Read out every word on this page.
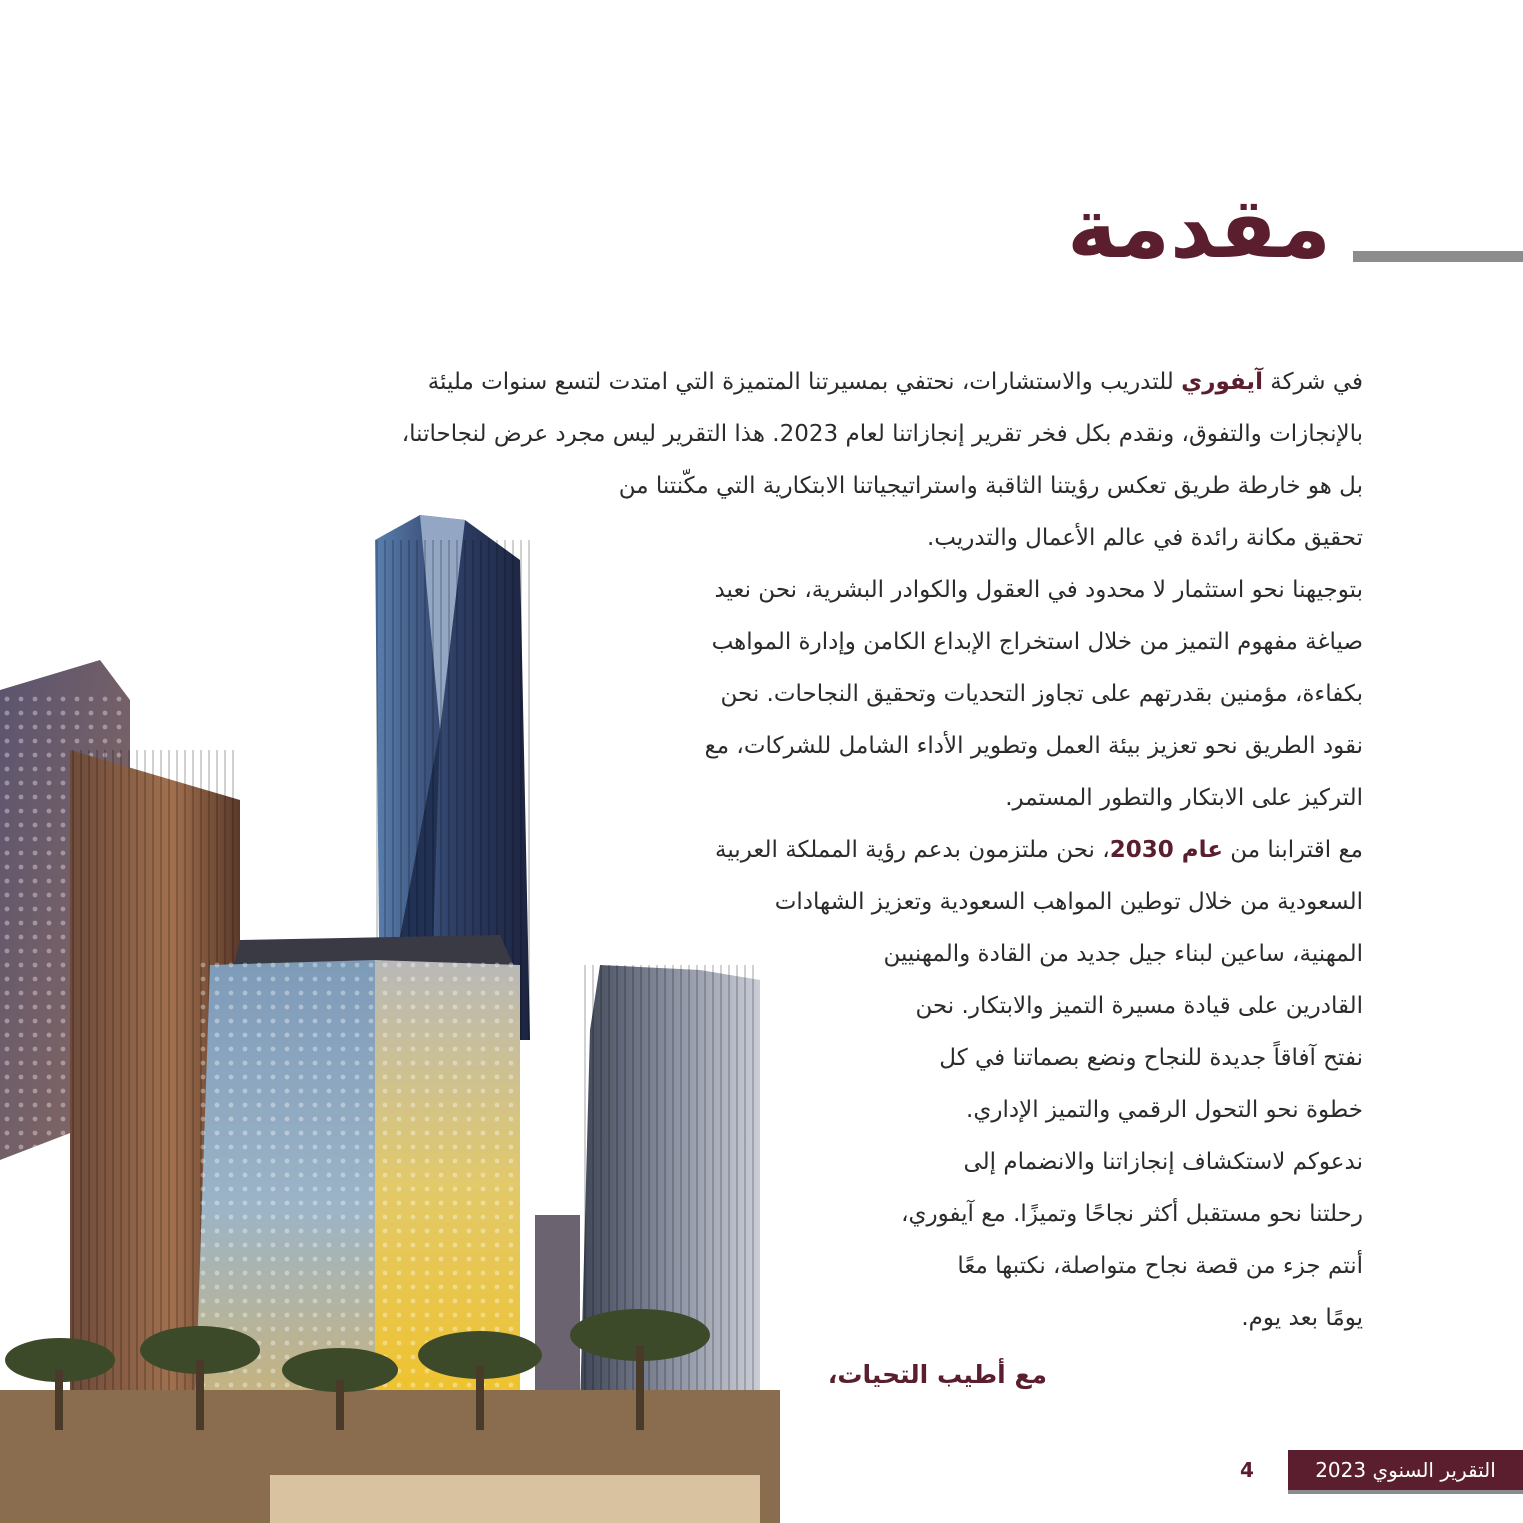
مقدمة
في شركة آيفوري للتدريب والاستشارات، نحتفي بمسيرتنا المتميزة التي امتدت لتسع سنوات مليئة
بالإنجازات والتفوق، ونقدم بكل فخر تقرير إنجازاتنا لعام 2023. هذا التقرير ليس مجرد عرض لنجاحاتنا،
بل هو خارطة طريق تعكس رؤيتنا الثاقبة واستراتيجياتنا الابتكارية التي مكّنتنا من
تحقيق مكانة رائدة في عالم الأعمال والتدريب.
بتوجيهنا نحو استثمار لا محدود في العقول والكوادر البشرية، نحن نعيد
صياغة مفهوم التميز من خلال استخراج الإبداع الكامن وإدارة المواهب
بكفاءة، مؤمنين بقدرتهم على تجاوز التحديات وتحقيق النجاحات. نحن
نقود الطريق نحو تعزيز بيئة العمل وتطوير الأداء الشامل للشركات، مع
التركيز على الابتكار والتطور المستمر.
مع اقترابنا من عام 2030، نحن ملتزمون بدعم رؤية المملكة العربية
السعودية من خلال توطين المواهب السعودية وتعزيز الشهادات
المهنية، ساعين لبناء جيل جديد من القادة والمهنيين
القادرين على قيادة مسيرة التميز والابتكار. نحن
نفتح آفاقاً جديدة للنجاح ونضع بصماتنا في كل
خطوة نحو التحول الرقمي والتميز الإداري.
ندعوكم لاستكشاف إنجازاتنا والانضمام إلى
رحلتنا نحو مستقبل أكثر نجاحًا وتميزًا. مع آيفوري،
أنتم جزء من قصة نجاح متواصلة، نكتبها معًا
يومًا بعد يوم.
مع أطيب التحيات،
4	التقرير السنوي 2023
